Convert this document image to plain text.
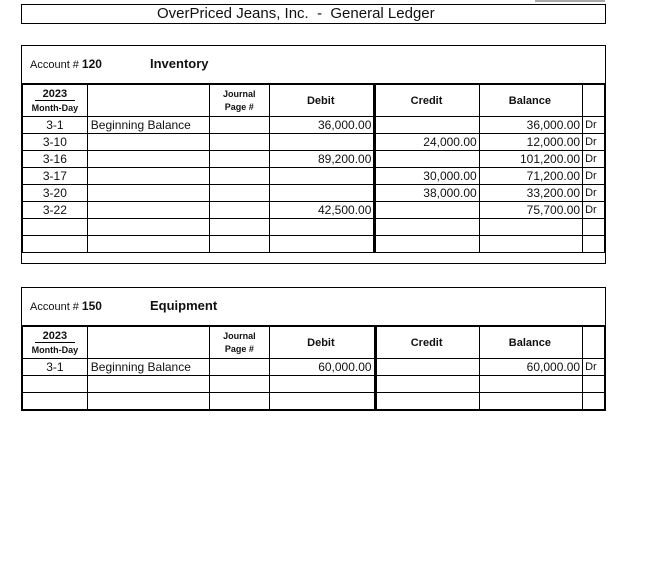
OverPriced Jeans, Inc.  -  General Ledger
Account # 120	Inventory
2023
Month-Day		Journal
Page #	Debit	Credit	Balance	
3-1	Beginning Balance		36,000.00		36,000.00	Dr
3-10				24,000.00	12,000.00	Dr
3-16			89,200.00		101,200.00	Dr
3-17				30,000.00	71,200.00	Dr
3-20				38,000.00	33,200.00	Dr
3-22			42,500.00		75,700.00	Dr

Account # 150	Equipment
2023
Month-Day		Journal
Page #	Debit	Credit	Balance	
3-1	Beginning Balance		60,000.00		60,000.00	Dr
